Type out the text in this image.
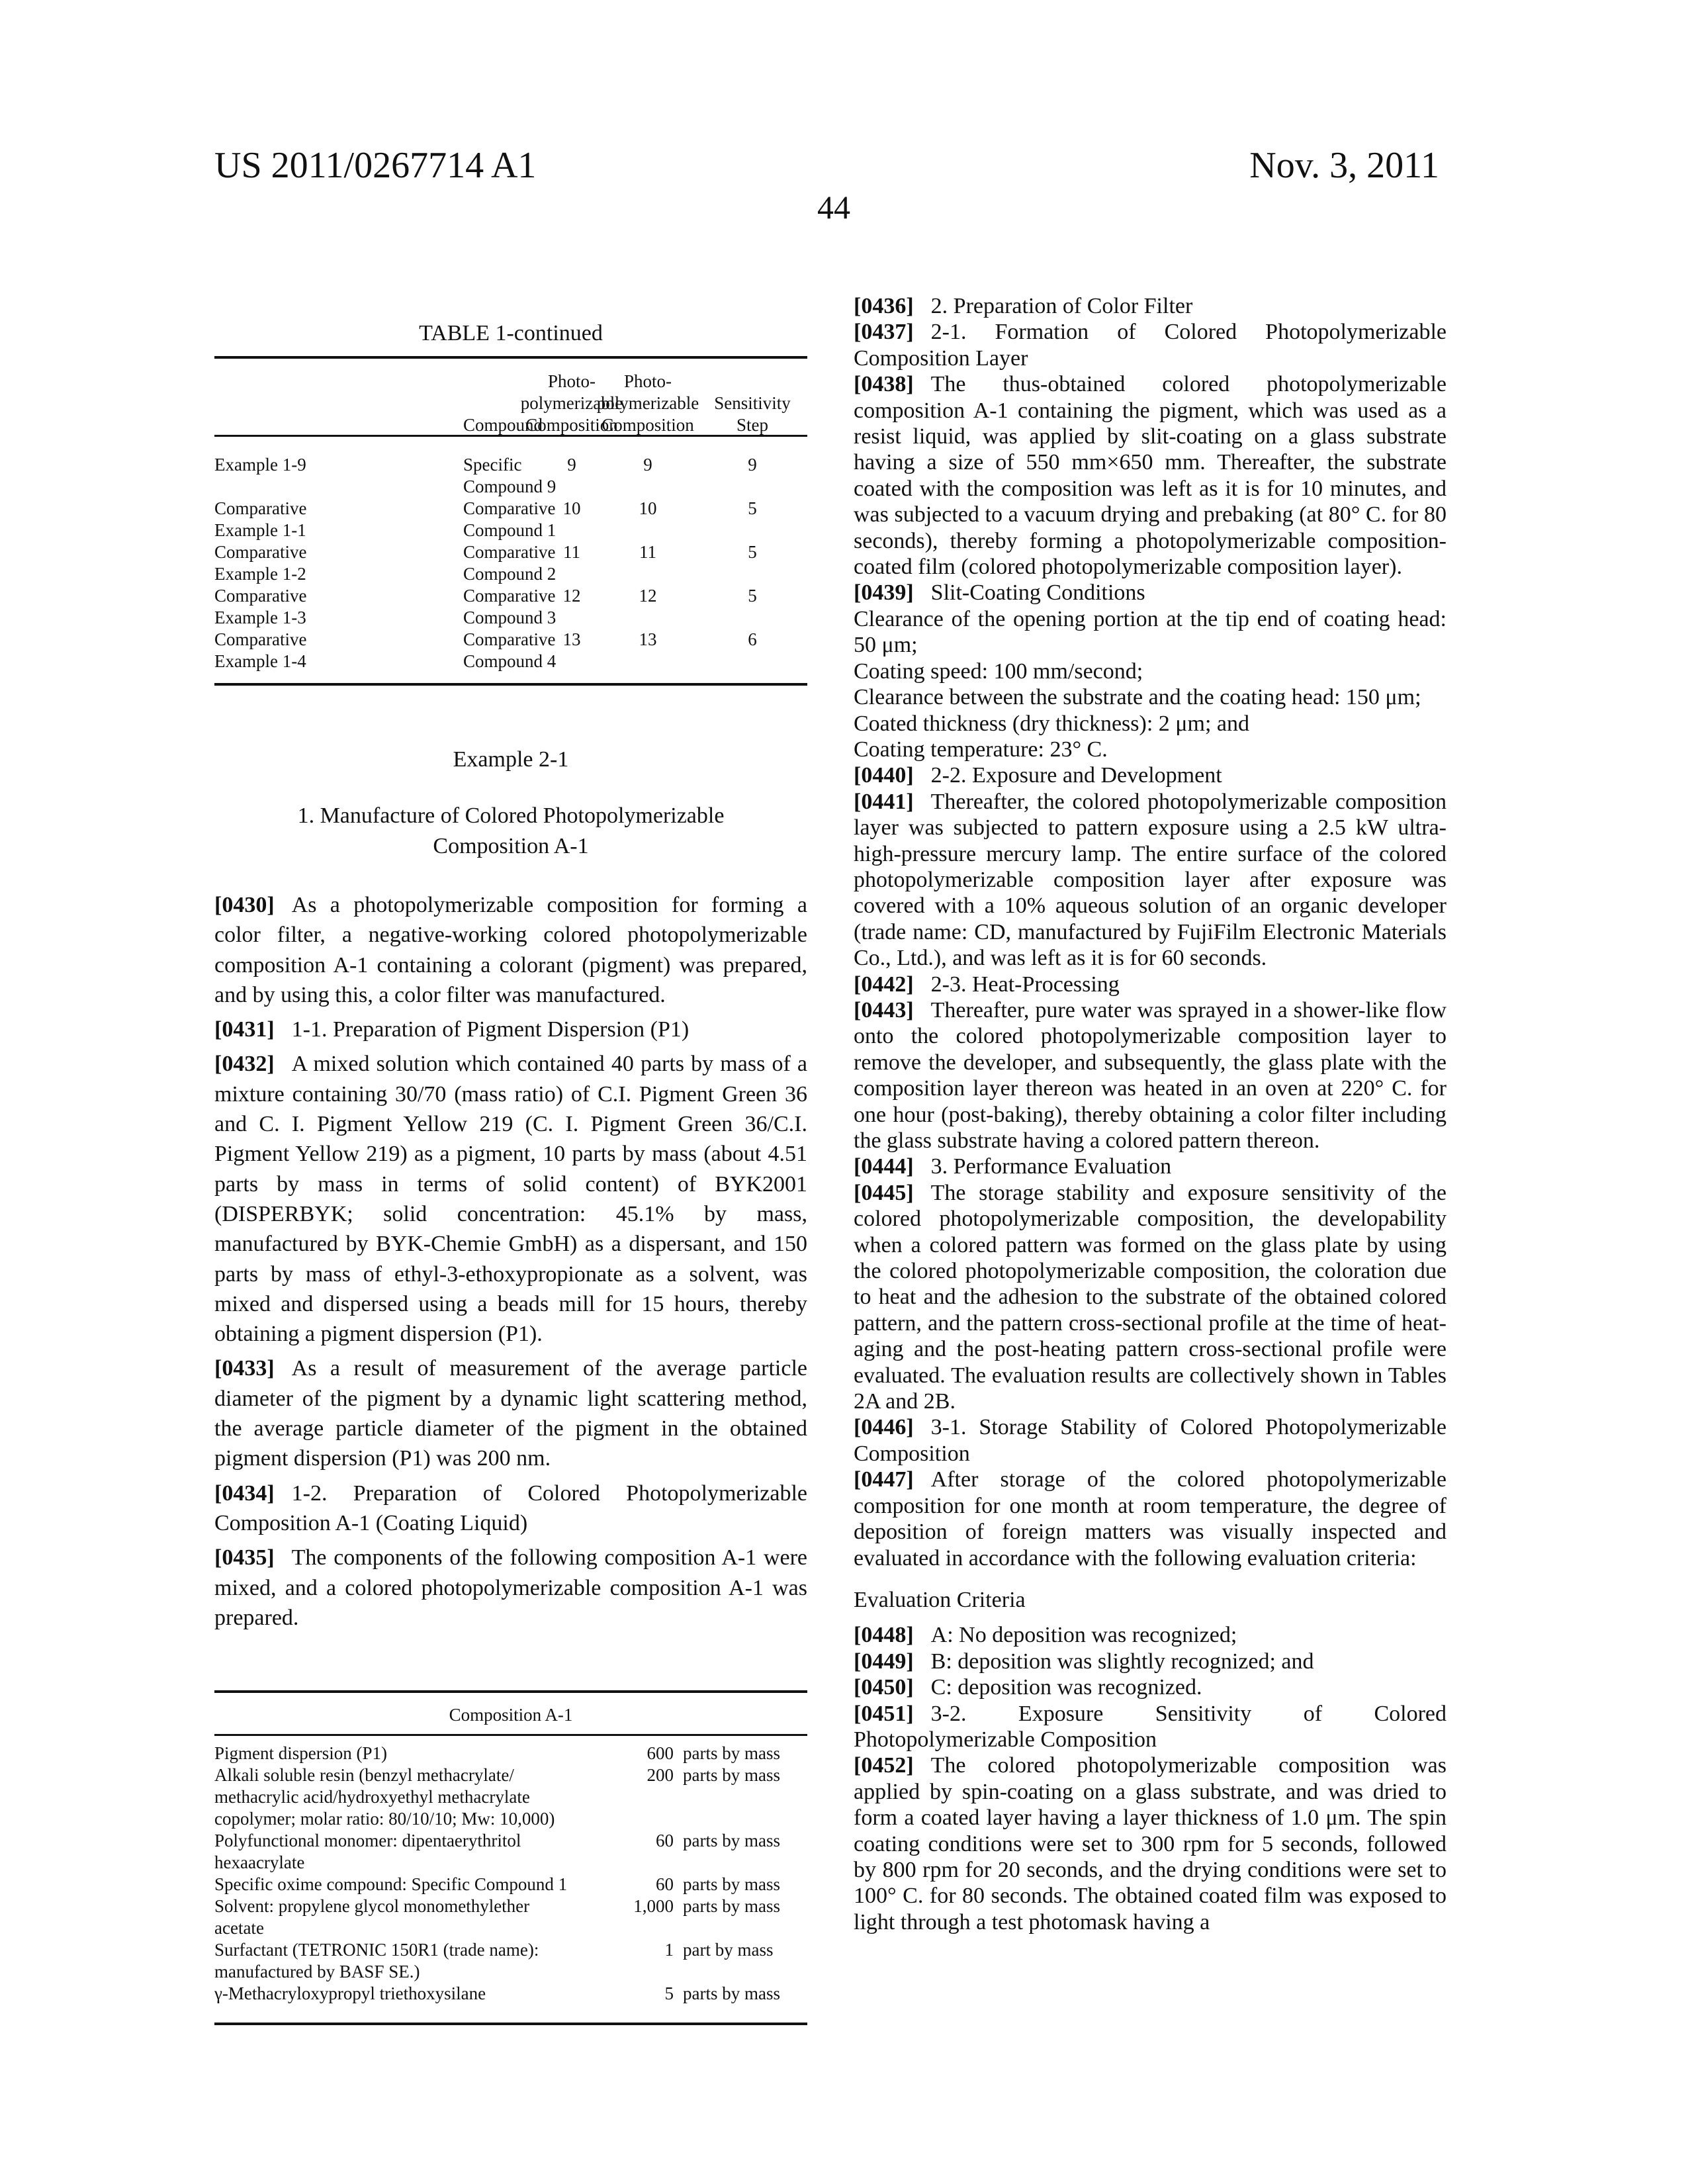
US 2011/0267714 A1	Nov. 3, 2011
44
TABLE 1-continued
Photo-
polymerizable
Composition
Compound
Photo-
polymerizable
Composition
Sensitivity
Step
Example 1-9	Specific	9	9	9
Compound 9
Comparative	Comparative 10	10	5
Example 1-1	Compound 1
Comparative	Comparative 11	11	5
Example 1-2	Compound 2
Comparative	Comparative 12	12	5
Example 1-3	Compound 3
Comparative	Comparative 13	13	6
Example 1-4	Compound 4
Example 2-1
1. Manufacture of Colored Photopolymerizable
Composition A-1

[0430] As a photopolymerizable composition for forming a color filter, a negative-working colored photopolymerizable composition A-1 containing a colorant (pigment) was prepared, and by using this, a color filter was manufactured.

[0431] 1-1. Preparation of Pigment Dispersion (P1)

[0432] A mixed solution which contained 40 parts by mass of a mixture containing 30/70 (mass ratio) of C.I. Pigment Green 36 and C. I. Pigment Yellow 219 (C. I. Pigment Green 36/C.I. Pigment Yellow 219) as a pigment, 10 parts by mass (about 4.51 parts by mass in terms of solid content) of BYK2001 (DISPERBYK; solid concentration: 45.1% by mass, manufactured by BYK-Chemie GmbH) as a dispersant, and 150 parts by mass of ethyl-3-ethoxypropionate as a solvent, was mixed and dispersed using a beads mill for 15 hours, thereby obtaining a pigment dispersion (P1).

[0433] As a result of measurement of the average particle diameter of the pigment by a dynamic light scattering method, the average particle diameter of the pigment in the obtained pigment dispersion (P1) was 200 nm.

[0434] 1-2. Preparation of Colored Photopolymerizable Composition A-1 (Coating Liquid)

[0435] The components of the following composition A-1 were mixed, and a colored photopolymerizable composition A-1 was prepared.

Composition A-1
Pigment dispersion (P1)	600 parts by mass
Alkali soluble resin (benzyl methacrylate/	200 parts by mass
methacrylic acid/hydroxyethyl methacrylate
copolymer; molar ratio: 80/10/10; Mw: 10,000)
Polyfunctional monomer: dipentaerythritol	60 parts by mass
hexaacrylate
Specific oxime compound: Specific Compound 1	60 parts by mass
Solvent: propylene glycol monomethylether	1,000 parts by mass
acetate
Surfactant (TETRONIC 150R1 (trade name):	1 part by mass
manufactured by BASF SE.)
γ-Methacryloxypropyl triethoxysilane	5 parts by mass

[0436] 2. Preparation of Color Filter

[0437] 2-1. Formation of Colored Photopolymerizable Composition Layer

[0438] The thus-obtained colored photopolymerizable composition A-1 containing the pigment, which was used as a resist liquid, was applied by slit-coating on a glass substrate having a size of 550 mm×650 mm. Thereafter, the substrate coated with the composition was left as it is for 10 minutes, and was subjected to a vacuum drying and prebaking (at 80° C. for 80 seconds), thereby forming a photopolymerizable composition-coated film (colored photopolymerizable composition layer).

[0439] Slit-Coating Conditions

Clearance of the opening portion at the tip end of coating head: 50 μm;

Coating speed: 100 mm/second;

Clearance between the substrate and the coating head: 150 μm;

Coated thickness (dry thickness): 2 μm; and

Coating temperature: 23° C.

[0440] 2-2. Exposure and Development

[0441] Thereafter, the colored photopolymerizable composition layer was subjected to pattern exposure using a 2.5 kW ultra-high-pressure mercury lamp. The entire surface of the colored photopolymerizable composition layer after exposure was covered with a 10% aqueous solution of an organic developer (trade name: CD, manufactured by FujiFilm Electronic Materials Co., Ltd.), and was left as it is for 60 seconds.

[0442] 2-3. Heat-Processing

[0443] Thereafter, pure water was sprayed in a shower-like flow onto the colored photopolymerizable composition layer to remove the developer, and subsequently, the glass plate with the composition layer thereon was heated in an oven at 220° C. for one hour (post-baking), thereby obtaining a color filter including the glass substrate having a colored pattern thereon.

[0444] 3. Performance Evaluation

[0445] The storage stability and exposure sensitivity of the colored photopolymerizable composition, the developability when a colored pattern was formed on the glass plate by using the colored photopolymerizable composition, the coloration due to heat and the adhesion to the substrate of the obtained colored pattern, and the pattern cross-sectional profile at the time of heat-aging and the post-heating pattern cross-sectional profile were evaluated. The evaluation results are collectively shown in Tables 2A and 2B.

[0446] 3-1. Storage Stability of Colored Photopolymerizable Composition

[0447] After storage of the colored photopolymerizable composition for one month at room temperature, the degree of deposition of foreign matters was visually inspected and evaluated in accordance with the following evaluation criteria:

Evaluation Criteria

[0448] A: No deposition was recognized;

[0449] B: deposition was slightly recognized; and

[0450] C: deposition was recognized.

[0451] 3-2. Exposure Sensitivity of Colored Photopolymerizable Composition

[0452] The colored photopolymerizable composition was applied by spin-coating on a glass substrate, and was dried to form a coated layer having a layer thickness of 1.0 μm. The spin coating conditions were set to 300 rpm for 5 seconds, followed by 800 rpm for 20 seconds, and the drying conditions were set to 100° C. for 80 seconds. The obtained coated film was exposed to light through a test photomask having a
